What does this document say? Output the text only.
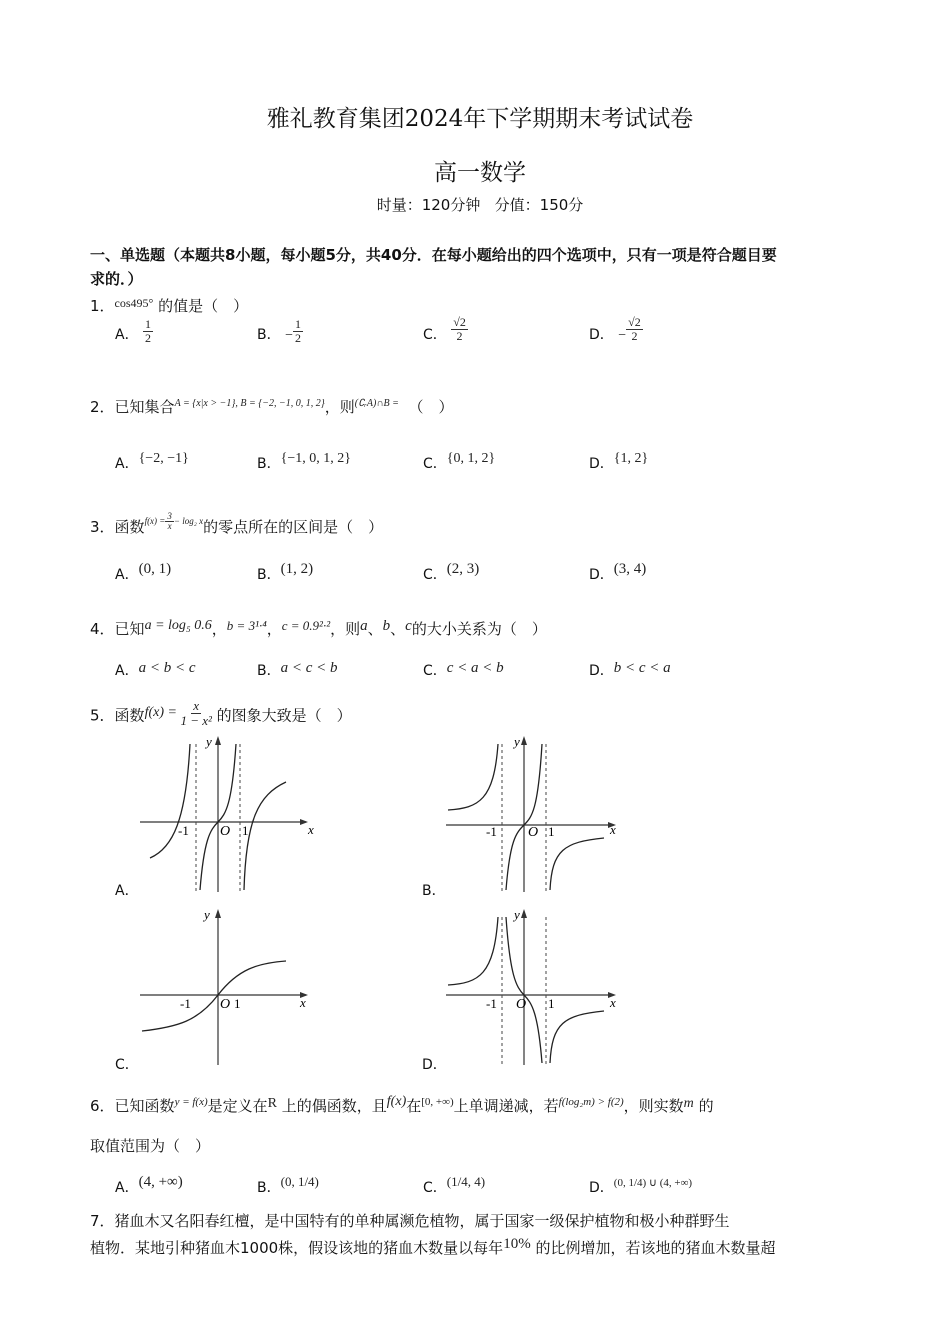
雅礼教育集团2024年下学期期末考试试卷
高一数学
时量：120分钟 分值：150分
一、单选题（本题共8小题，每小题5分，共40分．在每小题给出的四个选项中，只有一项是符合题目要
求的．）
1．$^{cos495^\circ}$ 的值是（　）
A． $\frac{1}{2}$	B． − $\frac{1}{2}$	C． $\frac{√2}{2}$	D． − $\frac{√2}{2}$
2．已知集合$^{A = \{x|x > -1\}, B = \{-2, -1, 0, 1, 2\}}$，则$^{(∁ᵣA)\cap B =}$ （　）
A．{−2, −1}	B．{−1, 0, 1, 2}	C．{0, 1, 2}	D．{1, 2}
3．函数$^{f(x) = \frac{3}{x} - log_2 x}$的零点所在的区间是（　）
A．(0, 1)	B．(1, 2)	C．(2, 3)	D．(3, 4)
4．已知a = log₅ 0.6，b = 3¹·⁴，c = 0.9²·²，则a、b、c的大小关系为（　）
A．a < b < c	B．a < c < b	C．c < a < b	D．b < c < a
5．函数$f(x) = \frac{x}{\text{1 − x²}}$ 的图象大致是（　）
x
y
O
-1	1
A．
x
y
O
-1	1
B．
x
y
O
-1	1
C．
x
y
O
-1	1
D．
6．已知函数$^{y = f(x)}$是定义在R 上的偶函数，且f(x)在$^{[0, +\infty)}$上单调递减，若$^{f(log_2m) > f(2)}$，则实数m 的
取值范围为（　）
A．(4, +∞)	B．(0, 1/4)	C．(1/4, 4)	D．$^{(0, 1/4) \cup (4, +\infty)}$
7．猪血木又名阳春红檀，是中国特有的单种属濒危植物，属于国家一级保护植物和极小种群野生
植物．某地引种猪血木1000株，假设该地的猪血木数量以每年10% 的比例增加，若该地的猪血木数量超
